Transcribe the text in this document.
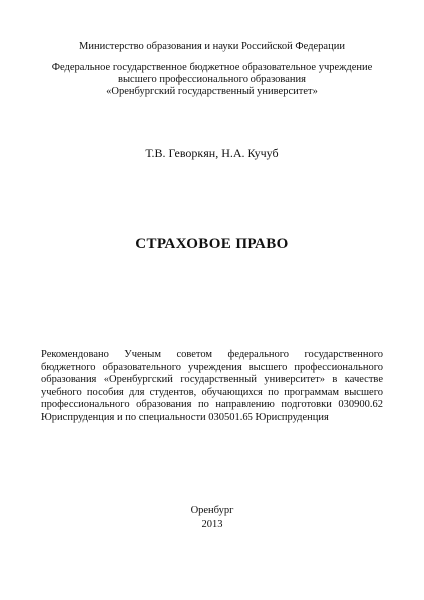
Министерство образования и науки Российской Федерации
Федеральное государственное бюджетное образовательное учреждение
высшего профессионального образования
«Оренбургский государственный университет»
Т.В. Геворкян, Н.А. Кучуб
СТРАХОВОЕ ПРАВО
Рекомендовано Ученым советом федерального государственного бюджетного образовательного учреждения высшего профессионального образования «Оренбургский государственный университет» в качестве учебного пособия для студентов, обучающихся по программам высшего профессионального образования по направлению подготовки 030900.62 Юриспруденция и по специальности 030501.65 Юриспруденция
Оренбург
2013
